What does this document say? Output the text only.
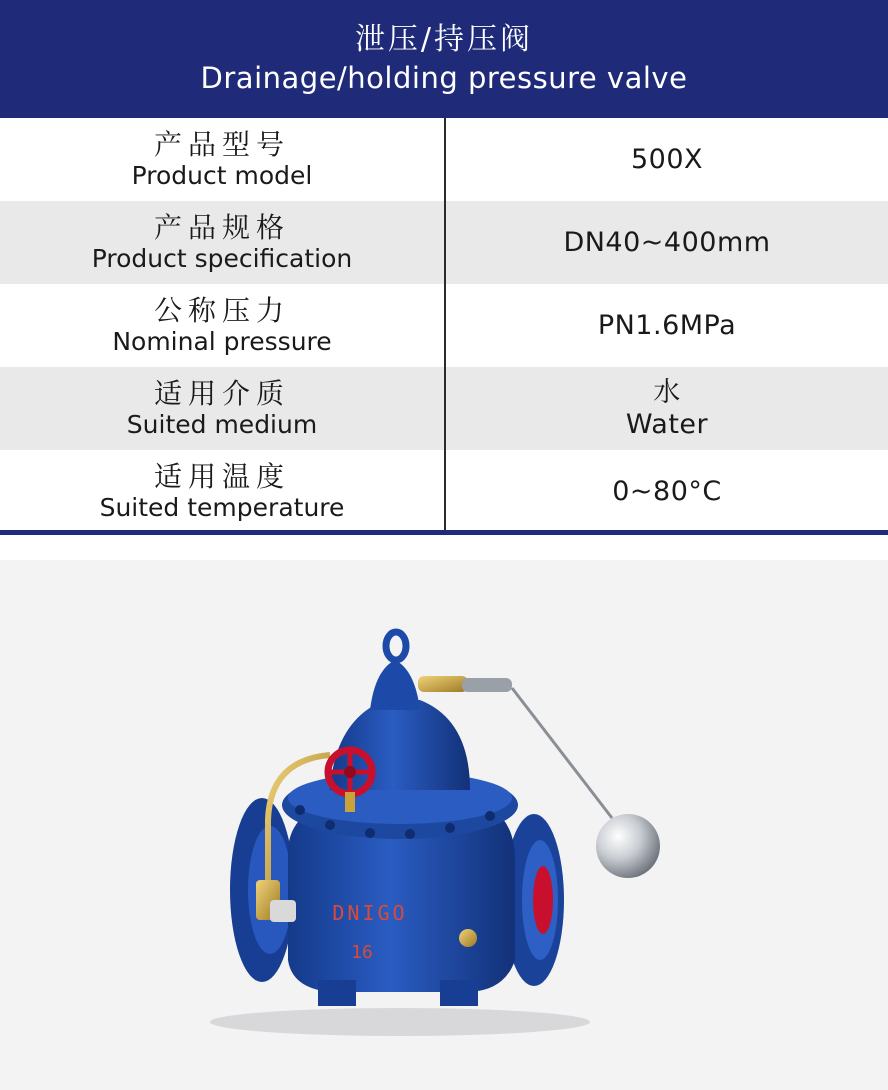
泄压/持压阀
Drainage/holding pressure valve
产品型号
Product model
500X
产品规格
Product specification
DN40~400mm
公称压力
Nominal pressure
PN1.6MPa
适用介质
Suited medium
水
Water
适用温度
Suited temperature
0~80°C
DNIGO
16
